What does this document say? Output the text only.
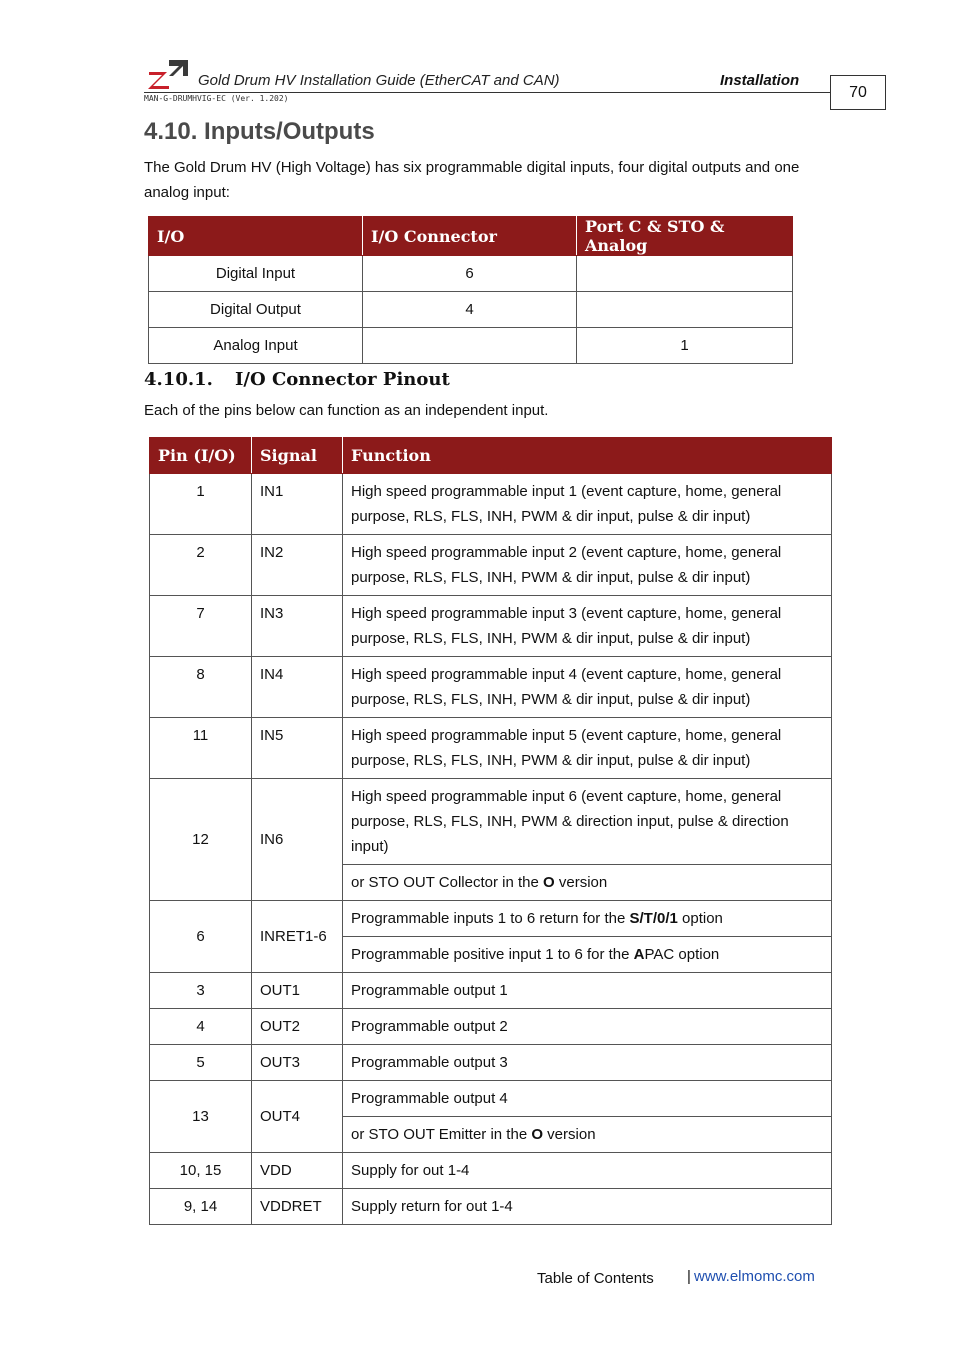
Gold Drum HV Installation Guide (EtherCAT and CAN)	Installation
MAN-G-DRUMHVIG-EC (Ver. 1.202)	70
4.10. Inputs/Outputs
The Gold Drum HV (High Voltage) has six programmable digital inputs, four digital outputs and one analog input:
I/O	I/O Connector	Port C & STO & Analog
Digital Input	6	
Digital Output	4	
Analog Input		1
4.10.1. I/O Connector Pinout
Each of the pins below can function as an independent input.
Pin (I/O)	Signal	Function
1	IN1	High speed programmable input 1 (event capture, home, general purpose, RLS, FLS, INH, PWM & dir input, pulse & dir input)
2	IN2	High speed programmable input 2 (event capture, home, general purpose, RLS, FLS, INH, PWM & dir input, pulse & dir input)
7	IN3	High speed programmable input 3 (event capture, home, general purpose, RLS, FLS, INH, PWM & dir input, pulse & dir input)
8	IN4	High speed programmable input 4 (event capture, home, general purpose, RLS, FLS, INH, PWM & dir input, pulse & dir input)
11	IN5	High speed programmable input 5 (event capture, home, general purpose, RLS, FLS, INH, PWM & dir input, pulse & dir input)
12	IN6	High speed programmable input 6 (event capture, home, general purpose, RLS, FLS, INH, PWM & direction input, pulse & direction input)
		or STO OUT Collector in the O version
6	INRET1-6	Programmable inputs 1 to 6 return for the S/T/0/1 option
		Programmable positive input 1 to 6 for the APAC option
3	OUT1	Programmable output 1
4	OUT2	Programmable output 2
5	OUT3	Programmable output 3
13	OUT4	Programmable output 4
		or STO OUT Emitter in the O version
10, 15	VDD	Supply for out 1-4
9, 14	VDDRET	Supply return for out 1-4
Table of Contents | www.elmomc.com
